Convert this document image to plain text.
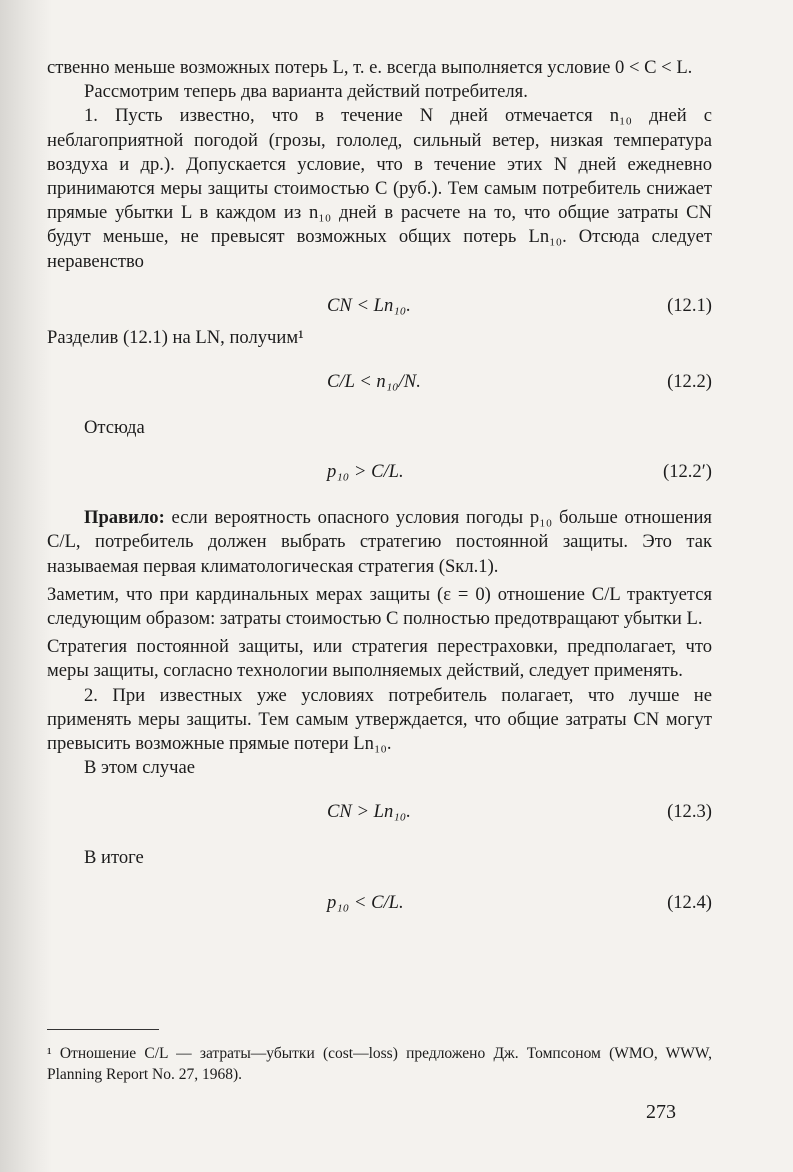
ственно меньше возможных потерь L, т. е. всегда выполняется условие 0 < C < L.

Рассмотрим теперь два варианта действий потребителя.

1. Пусть известно, что в течение N дней отмечается n₁₀ дней с неблагоприятной погодой (грозы, гололед, сильный ветер, низкая температура воздуха и др.). Допускается условие, что в течение этих N дней ежедневно принимаются меры защиты стоимостью C (руб.). Тем самым потребитель снижает прямые убытки L в каждом из n₁₀ дней в расчете на то, что общие затраты CN будут меньше, не превысят возможных общих потерь Ln₁₀. Отсюда следует неравенство

CN < Ln₁₀.	(12.1)

Разделив (12.1) на LN, получим¹

C/L < n₁₀/N.	(12.2)

Отсюда

p₁₀ > C/L.	(12.2′)

Правило: если вероятность опасного условия погоды p₁₀ больше отношения C/L, потребитель должен выбрать стратегию постоянной защиты. Это так называемая первая климатологическая стратегия (Sкл.1).

Заметим, что при кардинальных мерах защиты (ε = 0) отношение C/L трактуется следующим образом: затраты стоимостью C полностью предотвращают убытки L.

Стратегия постоянной защиты, или стратегия перестраховки, предполагает, что меры защиты, согласно технологии выполняемых действий, следует применять.

2. При известных уже условиях потребитель полагает, что лучше не применять меры защиты. Тем самым утверждается, что общие затраты CN могут превысить возможные прямые потери Ln₁₀.

В этом случае

CN > Ln₁₀.	(12.3)

В итоге

p₁₀ < C/L.	(12.4)

¹ Отношение C/L — затраты—убытки (cost—loss) предложено Дж. Томпсоном (WMO, WWW, Planning Report No. 27, 1968).

273
